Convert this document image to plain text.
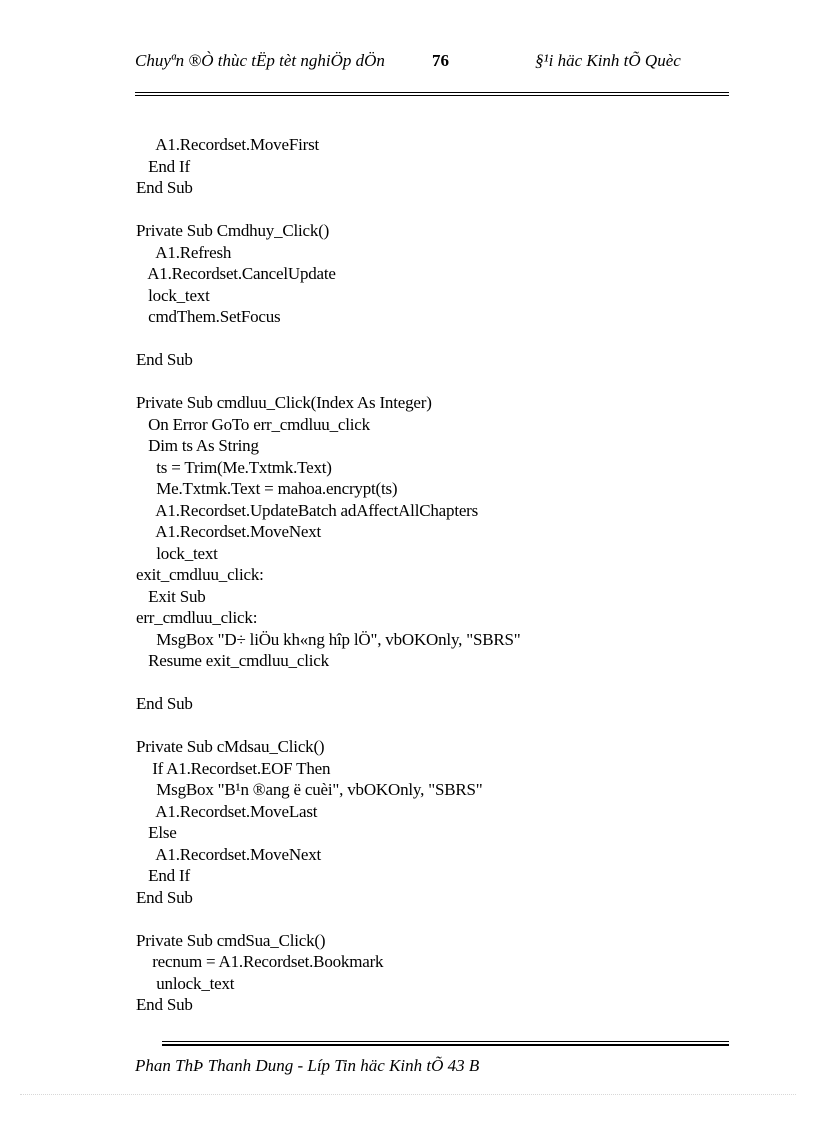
Chuyªn ®Ò thùc tËp tèt nghiÖp dÖn	76	§¹i häc Kinh tÕ Quèc
A1.Recordset.MoveFirst
End If
End Sub
Private Sub Cmdhuy_Click()
A1.Refresh
A1.Recordset.CancelUpdate
lock_text
cmdThem.SetFocus
End Sub
Private Sub cmdluu_Click(Index As Integer)
On Error GoTo err_cmdluu_click
Dim ts As String
ts = Trim(Me.Txtmk.Text)
Me.Txtmk.Text = mahoa.encrypt(ts)
A1.Recordset.UpdateBatch adAffectAllChapters
A1.Recordset.MoveNext
lock_text
exit_cmdluu_click:
Exit Sub
err_cmdluu_click:
MsgBox "D÷ liÖu kh«ng hîp lÖ", vbOKOnly, "SBRS"
Resume exit_cmdluu_click
End Sub
Private Sub cMdsau_Click()
If A1.Recordset.EOF Then
MsgBox "B¹n ®ang ë cuèi", vbOKOnly, "SBRS"
A1.Recordset.MoveLast
Else
A1.Recordset.MoveNext
End If
End Sub
Private Sub cmdSua_Click()
recnum = A1.Recordset.Bookmark
unlock_text
End Sub
Phan ThÞ Thanh Dung - Líp Tin häc Kinh tÕ 43 B
